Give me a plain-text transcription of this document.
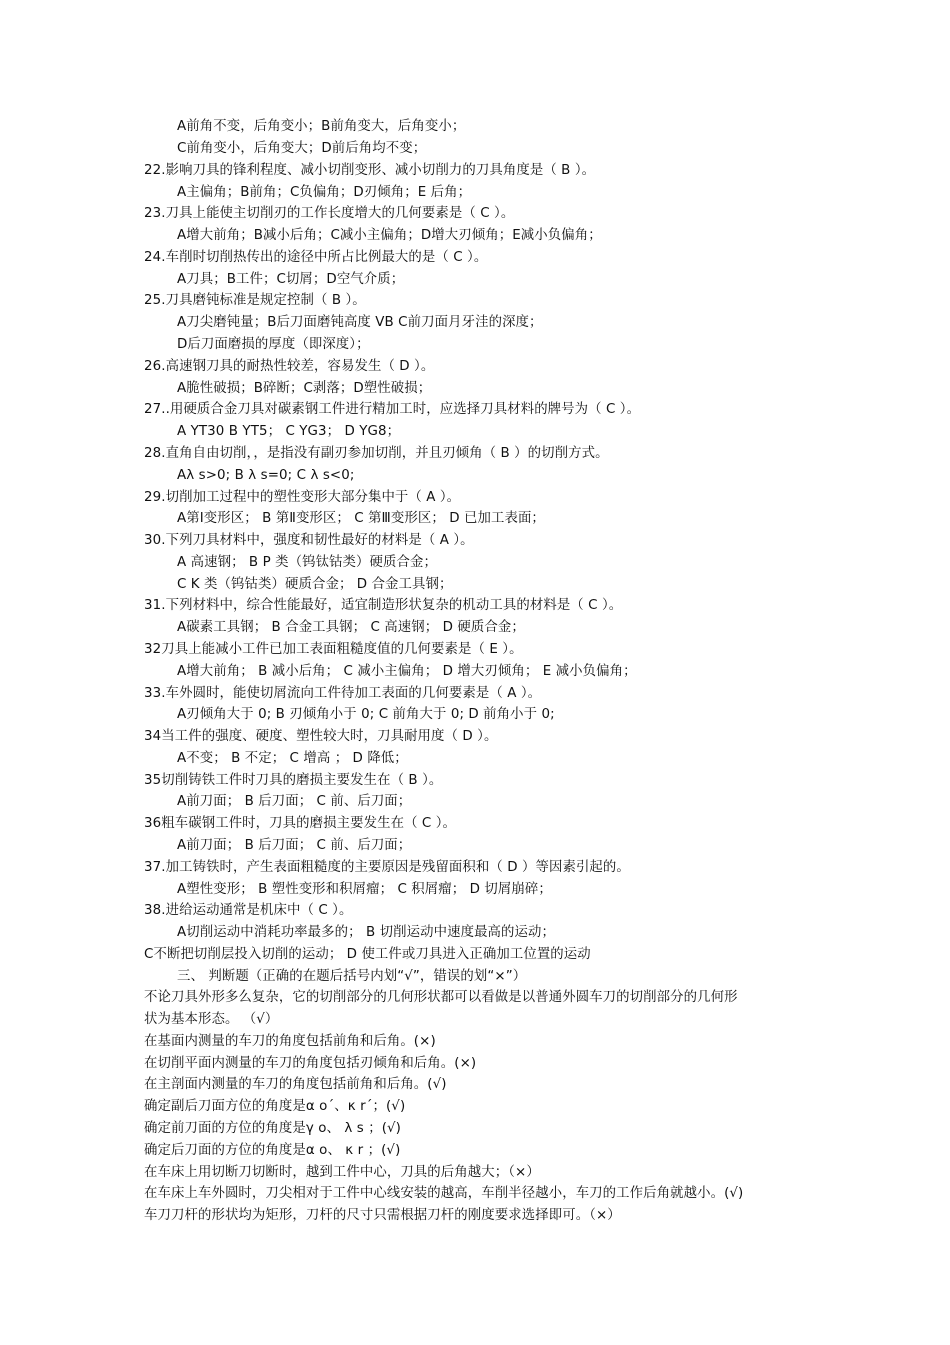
A前角不变，后角变小；B前角变大，后角变小；
C前角变小，后角变大；D前后角均不变；
22.影响刀具的锋利程度、减小切削变形、减小切削力的刀具角度是（ B ）。
A主偏角；B前角；C负偏角；D刃倾角；E 后角；
23.刀具上能使主切削刃的工作长度增大的几何要素是（ C ）。
A增大前角；B减小后角；C减小主偏角；D增大刃倾角；E减小负偏角；
24.车削时切削热传出的途径中所占比例最大的是（ C ）。
A刀具；B工件；C切屑；D空气介质；
25.刀具磨钝标准是规定控制（ B ）。
A刀尖磨钝量；B后刀面磨钝高度 VB C前刀面月牙洼的深度；
D后刀面磨损的厚度（即深度）；
26.高速钢刀具的耐热性较差，容易发生（ D ）。
A脆性破损；B碎断；C剥落；D塑性破损；
27..用硬质合金刀具对碳素钢工件进行精加工时，应选择刀具材料的牌号为（ C ）。
A YT30 B YT5； C YG3； D YG8；
28.直角自由切削，，是指没有副刃参加切削，并且刃倾角（ B ）的切削方式。
Aλ s>0; B λ s=0; C λ s<0;
29.切削加工过程中的塑性变形大部分集中于（ A ）。
A第Ⅰ变形区； B 第Ⅱ变形区； C 第Ⅲ变形区； D 已加工表面；
30.下列刀具材料中，强度和韧性最好的材料是（ A ）。
A 高速钢； B P 类（钨钛钴类）硬质合金；
C K 类（钨钴类）硬质合金； D 合金工具钢；
31.下列材料中，综合性能最好，适宜制造形状复杂的机动工具的材料是（ C ）。
A碳素工具钢； B 合金工具钢； C 高速钢； D 硬质合金；
32刀具上能减小工件已加工表面粗糙度值的几何要素是（ E ）。
A增大前角； B 减小后角； C 减小主偏角； D 增大刃倾角； E 减小负偏角；
33.车外圆时，能使切屑流向工件待加工表面的几何要素是（ A ）。
A刃倾角大于 0; B 刃倾角小于 0; C 前角大于 0; D 前角小于 0;
34当工件的强度、硬度、塑性较大时，刀具耐用度（ D ）。
A不变； B 不定； C 增高 ； D 降低；
35切削铸铁工件时刀具的磨损主要发生在（ B ）。
A前刀面； B 后刀面； C 前、后刀面；
36粗车碳钢工件时，刀具的磨损主要发生在（ C ）。
A前刀面； B 后刀面； C 前、后刀面；
37.加工铸铁时，产生表面粗糙度的主要原因是残留面积和（ D ）等因素引起的。
A塑性变形； B 塑性变形和积屑瘤； C 积屑瘤； D 切屑崩碎；
38.进给运动通常是机床中（ C ）。
A切削运动中消耗功率最多的； B 切削运动中速度最高的运动；
C不断把切削层投入切削的运动； D 使工件或刀具进入正确加工位置的运动
三、 判断题（正确的在题后括号内划“√”，错误的划“×”）
不论刀具外形多么复杂，它的切削部分的几何形状都可以看做是以普通外圆车刀的切削部分的几何形
状为基本形态。 （√）
在基面内测量的车刀的角度包括前角和后角。(×)
在切削平面内测量的车刀的角度包括刃倾角和后角。(×)
在主剖面内测量的车刀的角度包括前角和后角。(√)
确定副后刀面方位的角度是α o´、κ r´；(√)
确定前刀面的方位的角度是γ o、 λ s ；(√)
确定后刀面的方位的角度是α o、 κ r ；(√)
在车床上用切断刀切断时，越到工件中心，刀具的后角越大；（×）
在车床上车外圆时，刀尖相对于工件中心线安装的越高，车削半径越小，车刀的工作后角就越小。(√)
车刀刀杆的形状均为矩形，刀杆的尺寸只需根据刀杆的刚度要求选择即可。（×）
